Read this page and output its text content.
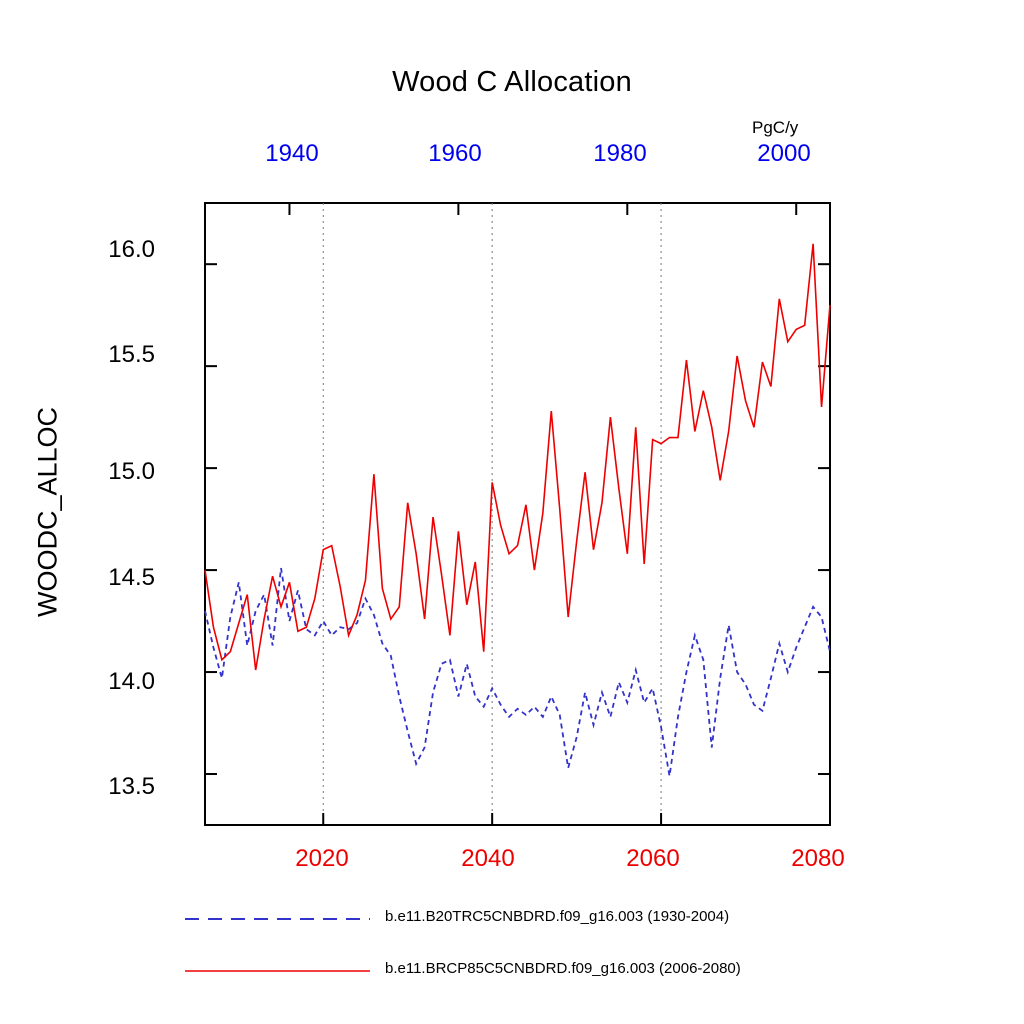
Wood C Allocation
PgC/y
WOODC_ALLOC
1940	1960	1980	2000
2020	2040	2060	2080
16.0
15.5
15.0
14.5
14.0
13.5
b.e11.B20TRC5CNBDRD.f09_g16.003 (1930-2004)
b.e11.BRCP85C5CNBDRD.f09_g16.003 (2006-2080)
